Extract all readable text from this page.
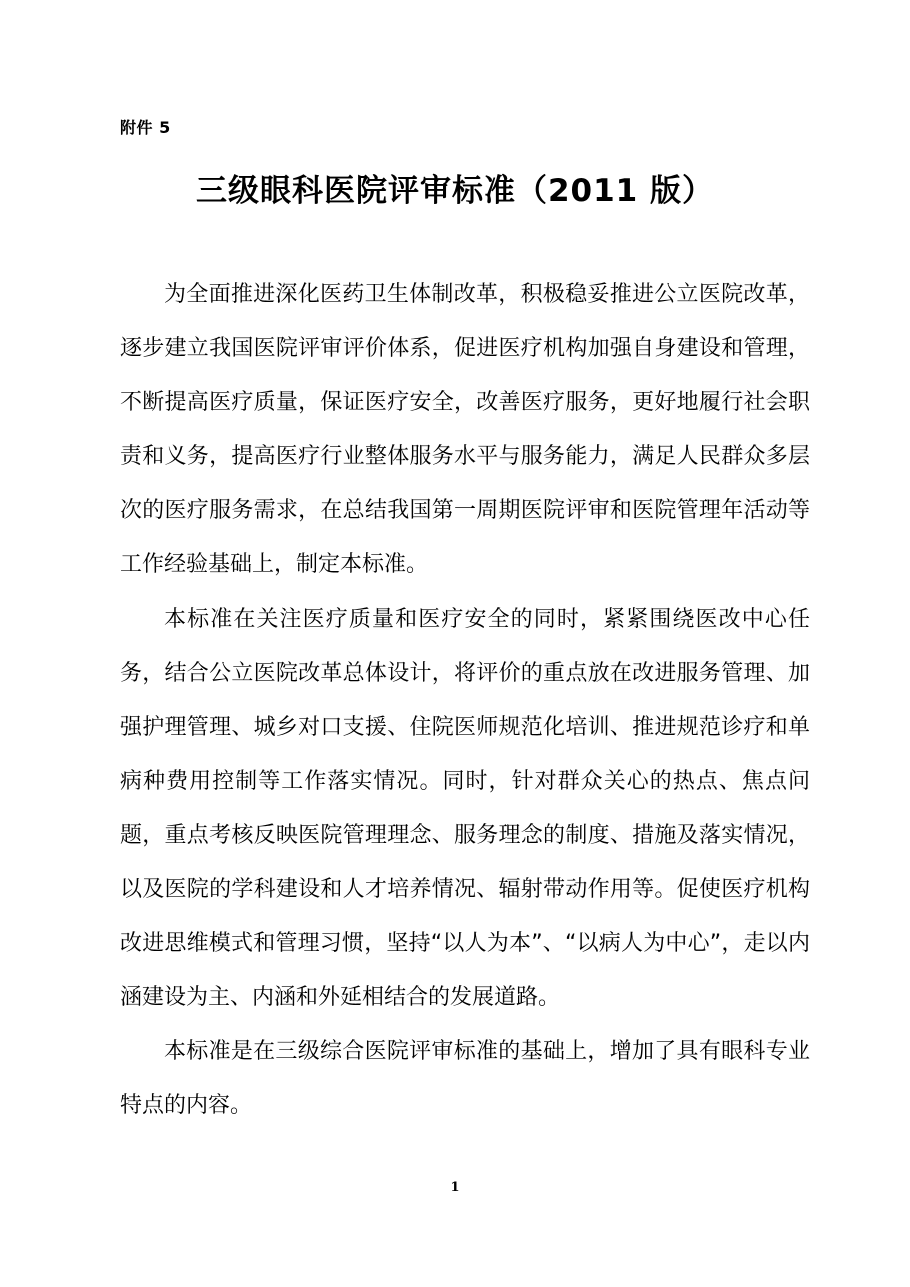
附件 5
三级眼科医院评审标准（2011 版）

为全面推进深化医药卫生体制改革，积极稳妥推进公立医院改革，逐步建立我国医院评审评价体系，促进医疗机构加强自身建设和管理，不断提高医疗质量，保证医疗安全，改善医疗服务，更好地履行社会职责和义务，提高医疗行业整体服务水平与服务能力，满足人民群众多层次的医疗服务需求，在总结我国第一周期医院评审和医院管理年活动等工作经验基础上，制定本标准。

本标准在关注医疗质量和医疗安全的同时，紧紧围绕医改中心任务，结合公立医院改革总体设计，将评价的重点放在改进服务管理、加强护理管理、城乡对口支援、住院医师规范化培训、推进规范诊疗和单病种费用控制等工作落实情况。同时，针对群众关心的热点、焦点问题，重点考核反映医院管理理念、服务理念的制度、措施及落实情况，以及医院的学科建设和人才培养情况、辐射带动作用等。促使医疗机构改进思维模式和管理习惯，坚持“以人为本”、“以病人为中心”，走以内涵建设为主、内涵和外延相结合的发展道路。

本标准是在三级综合医院评审标准的基础上，增加了具有眼科专业特点的内容。

1
